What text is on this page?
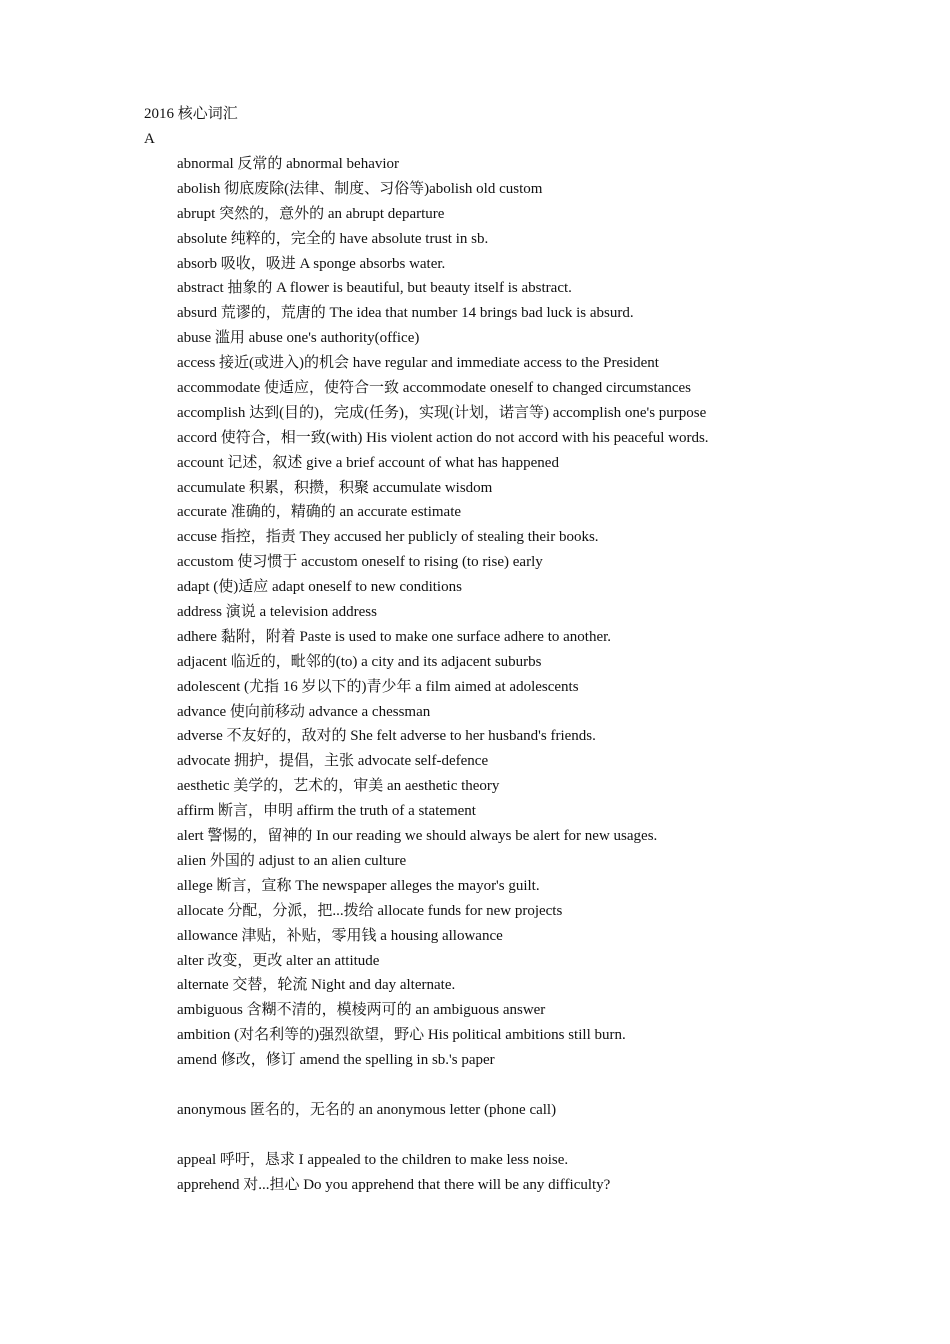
2016 核心词汇
A
abnormal 反常的 abnormal behavior
abolish 彻底废除(法律、制度、习俗等)abolish old custom
abrupt 突然的，意外的 an abrupt departure
absolute 纯粹的，完全的 have absolute trust in sb.
absorb 吸收，吸进 A sponge absorbs water.
abstract 抽象的 A flower is beautiful, but beauty itself is abstract.
absurd 荒谬的，荒唐的 The idea that number 14 brings bad luck is absurd.
abuse 滥用 abuse one's authority(office)
access 接近(或进入)的机会 have regular and immediate access to the President
accommodate 使适应，使符合一致 accommodate oneself to changed circumstances
accomplish 达到(目的)，完成(任务)，实现(计划，诺言等) accomplish one's purpose
accord 使符合，相一致(with) His violent action do not accord with his peaceful words.
account 记述，叙述 give a brief account of what has happened
accumulate 积累，积攒，积聚 accumulate wisdom
accurate 准确的，精确的 an accurate estimate
accuse 指控，指责 They accused her publicly of stealing their books.
accustom 使习惯于 accustom oneself to rising (to rise) early
adapt (使)适应 adapt oneself to new conditions
address 演说 a television address
adhere 黏附，附着 Paste is used to make one surface adhere to another.
adjacent 临近的，毗邻的(to) a city and its adjacent suburbs
adolescent (尤指 16 岁以下的)青少年 a film aimed at adolescents
advance 使向前移动 advance a chessman
adverse 不友好的，敌对的 She felt adverse to her husband's friends.
advocate 拥护，提倡，主张 advocate self-defence
aesthetic 美学的，艺术的，审美 an aesthetic theory
affirm 断言，申明 affirm the truth of a statement
alert 警惕的，留神的 In our reading we should always be alert for new usages.
alien 外国的 adjust to an alien culture
allege 断言，宣称 The newspaper alleges the mayor's guilt.
allocate 分配，分派，把...拨给 allocate funds for new projects
allowance 津贴，补贴，零用钱 a housing allowance
alter 改变，更改 alter an attitude
alternate 交替，轮流 Night and day alternate.
ambiguous 含糊不清的，模棱两可的 an ambiguous answer
ambition (对名利等的)强烈欲望，野心 His political ambitions still burn.
amend 修改，修订 amend the spelling in sb.'s paper
anonymous 匿名的，无名的 an anonymous letter (phone call)
appeal 呼吁，恳求 I appealed to the children to make less noise.
apprehend 对...担心 Do you apprehend that there will be any difficulty?
